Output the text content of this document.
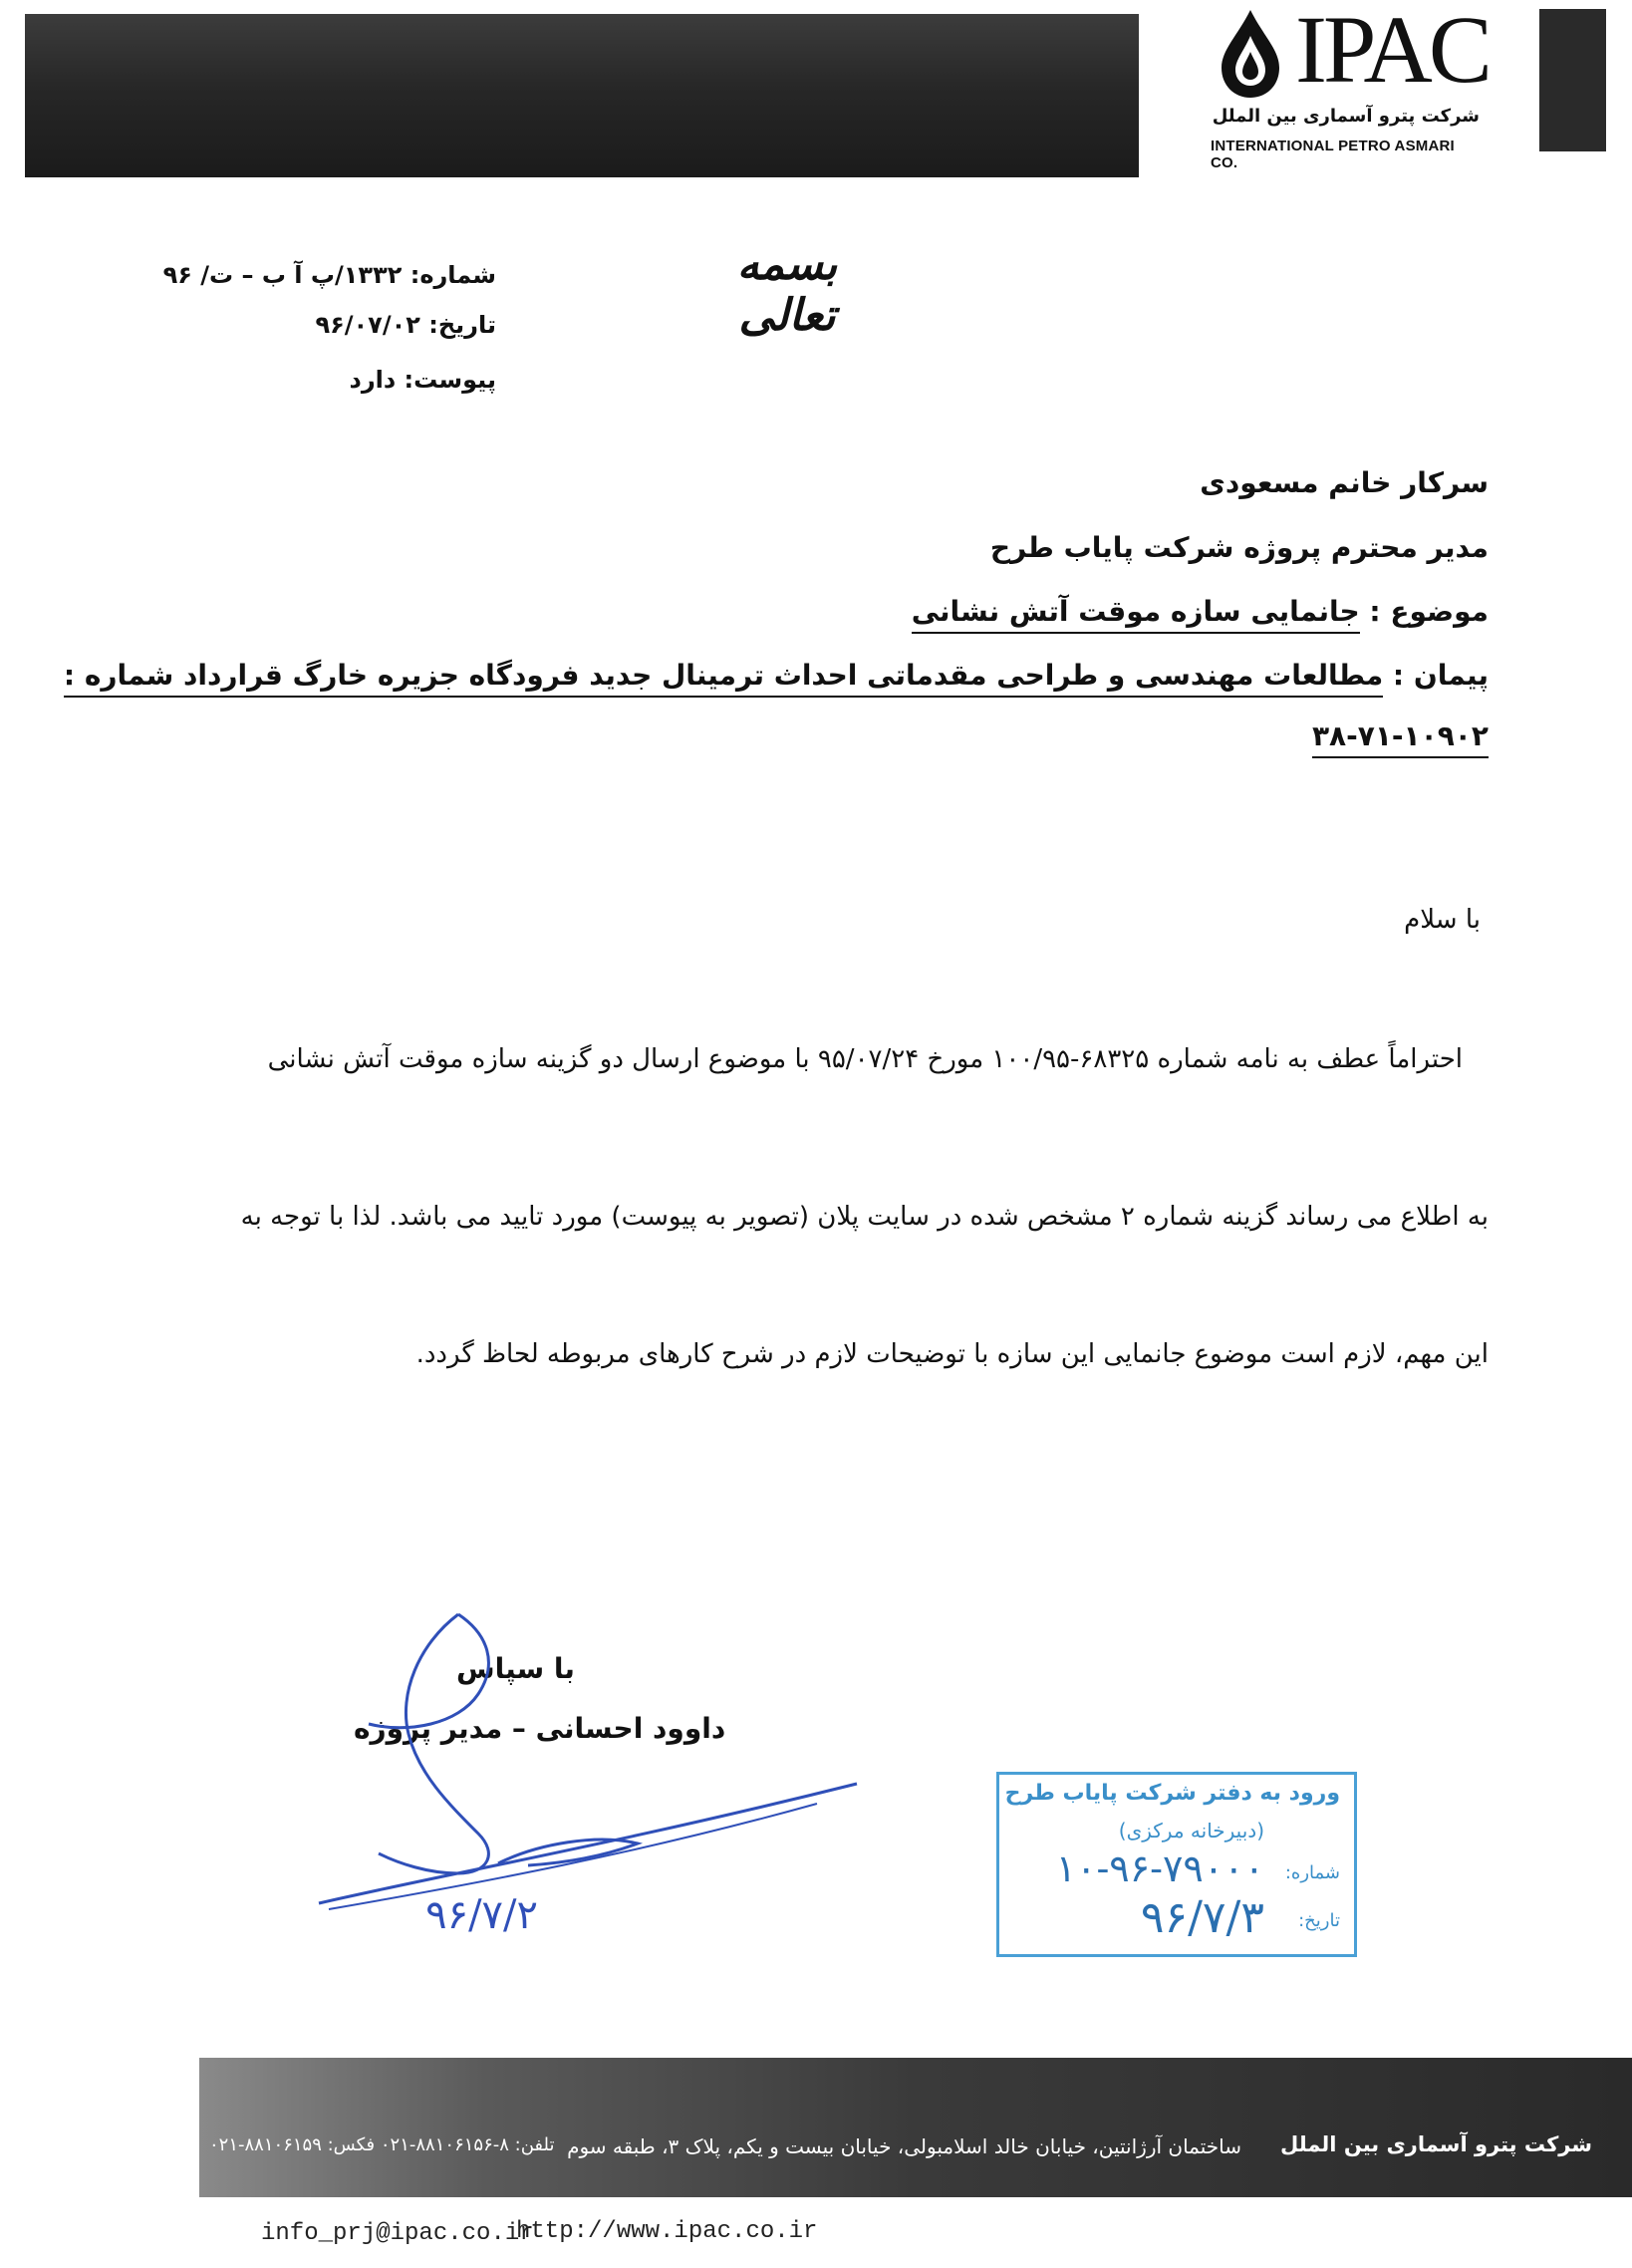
IPAC
شرکت پترو آسماری بین الملل
INTERNATIONAL PETRO ASMARI CO.
بسمه تعالی
شماره: ۱۳۳۲/پ آ ب – ت/ ۹۶
تاریخ: ۹۶/۰۷/۰۲
پیوست: دارد
سرکار خانم مسعودی
مدیر محترم پروژه شرکت پایاب طرح
موضوع : جانمایی سازه موقت آتش نشانی
پیمان : مطالعات مهندسی و طراحی مقدماتی احداث ترمینال جدید فرودگاه جزیره خارگ قرارداد شماره :
۳۸-۷۱-۱۰۹۰۲
با سلام
احتراماً عطف به نامه شماره ۶۸۳۲۵-۱۰۰/۹۵ مورخ ۹۵/۰۷/۲۴ با موضوع ارسال دو گزینه سازه موقت آتش نشانی
به اطلاع می رساند گزینه شماره ۲ مشخص شده در سایت پلان (تصویر به پیوست) مورد تایید می باشد. لذا با توجه به
این مهم، لازم است موضوع جانمایی این سازه با توضیحات لازم در شرح کارهای مربوطه لحاظ گردد.
با سپاس
داوود احسانی – مدیر پروژه
۹۶/۷/۲
ورود به دفتر شرکت پایاب طرح
(دبیرخانه مرکزی)
شماره:
۱۰-۹۶-۷۹۰۰۰
تاریخ:
۹۶/۷/۳
شرکت پترو آسماری بین الملل
ساختمان آرژانتین، خیابان خالد اسلامبولی، خیابان بیست و یکم، پلاک ۳، طبقه سوم
تلفن: ۸-۸۸۱۰۶۱۵۶-۰۲۱ فکس: ۸۸۱۰۶۱۵۹-۰۲۱
info_prj@ipac.co.ir
http://www.ipac.co.ir
